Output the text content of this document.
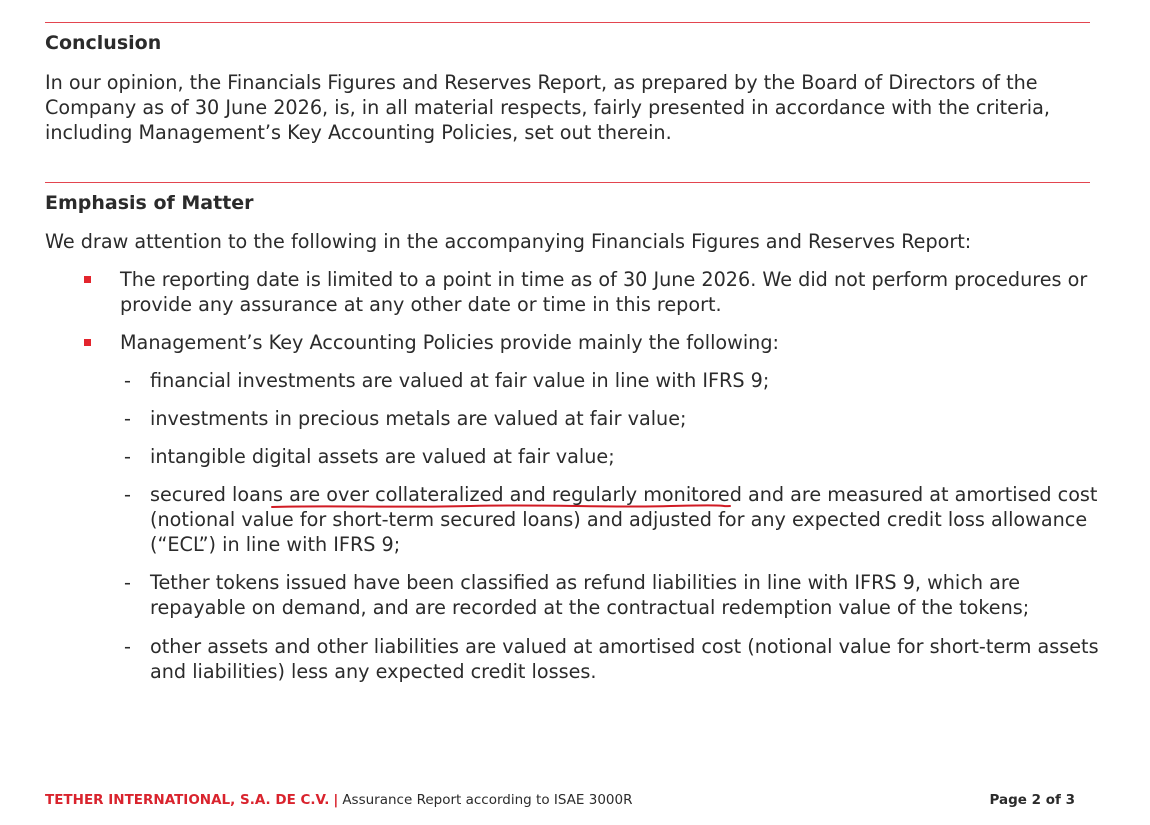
Conclusion
In our opinion, the Financials Figures and Reserves Report, as prepared by the Board of Directors of the
Company as of 30 June 2026, is, in all material respects, fairly presented in accordance with the criteria,
including Management’s Key Accounting Policies, set out therein.
Emphasis of Matter
We draw attention to the following in the accompanying Financials Figures and Reserves Report:
The reporting date is limited to a point in time as of 30 June 2026. We did not perform procedures or
provide any assurance at any other date or time in this report.
Management’s Key Accounting Policies provide mainly the following:
- financial investments are valued at fair value in line with IFRS 9;
- investments in precious metals are valued at fair value;
- intangible digital assets are valued at fair value;
- secured loans are over collateralized and regularly monitored and are measured at amortised cost
(notional value for short-term secured loans) and adjusted for any expected credit loss allowance
(“ECL”) in line with IFRS 9;
- Tether tokens issued have been classified as refund liabilities in line with IFRS 9, which are
repayable on demand, and are recorded at the contractual redemption value of the tokens;
- other assets and other liabilities are valued at amortised cost (notional value for short-term assets
and liabilities) less any expected credit losses.
TETHER INTERNATIONAL, S.A. DE C.V. | Assurance Report according to ISAE 3000R	Page 2 of 3
